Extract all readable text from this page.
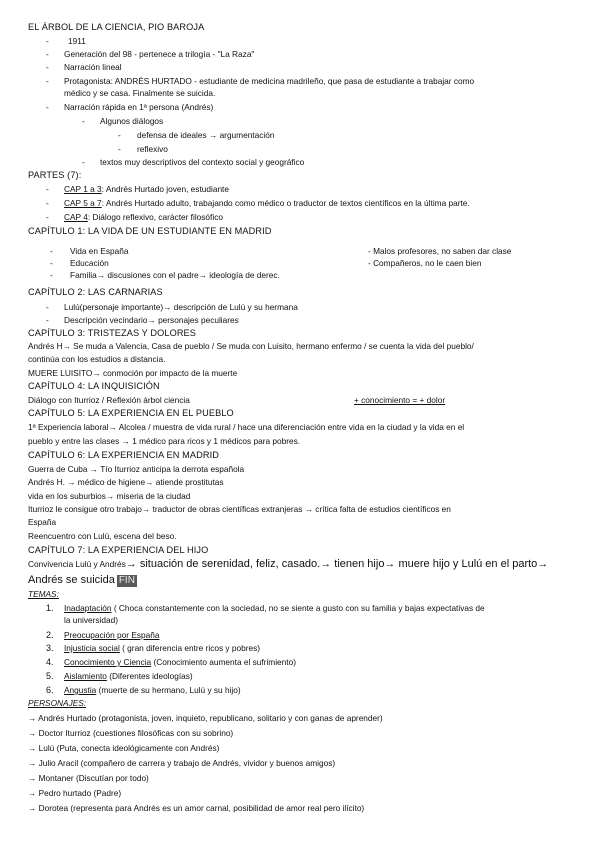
EL ÁRBOL DE LA CIENCIA, PIO BAROJA
- 1911
- Generación del 98 - pertenece a trilogía - "La Raza"
- Narración lineal
- Protagonista: ANDRÉS HURTADO - estudiante de medicina madrileño, que pasa de estudiante a trabajar como
médico y se casa. Finalmente se suicida.
- Narración rápida en 1ª persona (Andrés)
- Algunos diálogos
- defensa de ideales → argumentación
- reflexivo
- textos muy descriptivos del contexto social y geográfico
PARTES (7):
- CAP 1 a 3: Andrés Hurtado joven, estudiante
- CAP 5 a 7: Andrés Hurtado adulto, trabajando como médico o traductor de textos científicos en la última parte.
- CAP 4: Diálogo reflexivo, carácter filosófico
CAPÍTULO 1: LA VIDA DE UN ESTUDIANTE EN MADRID
- Vida en España
- Educación
- Familia→ discusiones con el padre→ ideología de derec.
- Malos profesores, no saben dar clase
- Compañeros, no le caen bien
CAPÍTULO 2: LAS CARNARIAS
- Lulú(personaje importante)→ descripción de Lulú y su hermana
- Descripción vecindario→ personajes peculiares
CAPÍTULO 3: TRISTEZAS Y DOLORES
Andrés H→ Se muda a Valencia, Casa de pueblo / Se muda con Luisito, hermano enfermo / se cuenta la vida del pueblo/
continúa con los estudios a distancia.
MUERE LUISITO→ conmoción por impacto de la muerte
CAPÍTULO 4: LA INQUISICIÓN
Diálogo con Iturrioz / Reflexión árbol ciencia	+ conocimiento = + dolor
CAPÍTULO 5: LA EXPERIENCIA EN EL PUEBLO
1ª Experiencia laboral→ Alcolea / muestra de vida rural / hace una diferenciación entre vida en la ciudad y la vida en el
pueblo y entre las clases → 1 médico para ricos y 1 médicos para pobres.
CAPÍTULO 6: LA EXPERIENCIA EN MADRID
Guerra de Cuba → Tío Iturrioz anticipa la derrota española
Andrés H. → médico de higiene→ atiende prostitutas
vida en los suburbios→ miseria de la ciudad
Iturrioz le consigue otro trabajo→ traductor de obras científicas extranjeras → crítica falta de estudios científicos en
España
Reencuentro con Lulú, escena del beso.
CAPÍTULO 7: LA EXPERIENCIA DEL HIJO
Convivencia Lulú y Andrés→ situación de serenidad, feliz, casado.→ tienen hijo→ muere hijo y Lulú en el parto→
Andrés se suicida FIN
TEMAS:
1. Inadaptación ( Choca constantemente con la sociedad, no se siente a gusto con su familia y bajas expectativas de
la universidad)
2. Preocupación por España
3. Injusticia social ( gran diferencia entre ricos y pobres)
4. Conocimiento y Ciencia (Conocimiento aumenta el sufrimiento)
5. Aislamiento (Diferentes ideologías)
6. Angustia (muerte de su hermano, Lulú y su hijo)
PERSONAJES:
→ Andrés Hurtado (protagonista, joven, inquieto, republicano, solitario y con ganas de aprender)
→ Doctor Iturrioz (cuestiones filosóficas con su sobrino)
→ Lulú (Puta, conecta ideológicamente con Andrés)
→ Julio Aracil (compañero de carrera y trabajo de Andrés, vividor y buenos amigos)
→ Montaner (Discutían por todo)
→ Pedro hurtado (Padre)
→ Dorotea (representa para Andrés es un amor carnal, posibilidad de amor real pero ilícito)
